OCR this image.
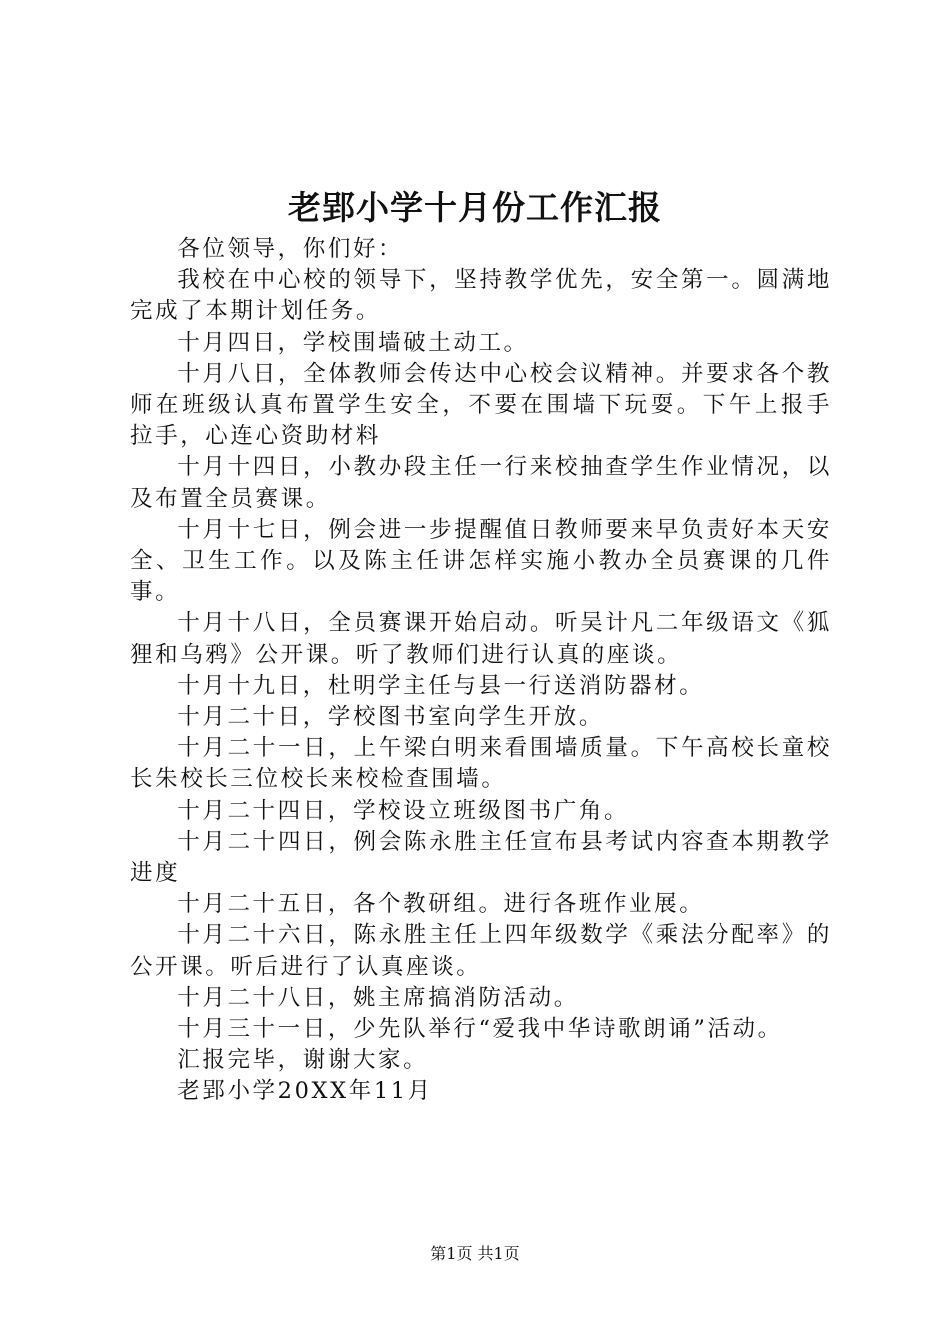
老郢小学十月份工作汇报

各位领导，你们好：

我校在中心校的领导下，坚持教学优先，安全第一。圆满地完成了本期计划任务。

十月四日，学校围墙破土动工。

十月八日，全体教师会传达中心校会议精神。并要求各个教师在班级认真布置学生安全，不要在围墙下玩耍。下午上报手拉手，心连心资助材料

十月十四日，小教办段主任一行来校抽查学生作业情况，以及布置全员赛课。

十月十七日，例会进一步提醒值日教师要来早负责好本天安全、卫生工作。以及陈主任讲怎样实施小教办全员赛课的几件事。

十月十八日，全员赛课开始启动。听吴计凡二年级语文《狐狸和乌鸦》公开课。听了教师们进行认真的座谈。

十月十九日，杜明学主任与县一行送消防器材。

十月二十日，学校图书室向学生开放。

十月二十一日，上午梁白明来看围墙质量。下午高校长童校长朱校长三位校长来校检查围墙。

十月二十四日，学校设立班级图书广角。

十月二十四日，例会陈永胜主任宣布县考试内容查本期教学进度

十月二十五日，各个教研组。进行各班作业展。

十月二十六日，陈永胜主任上四年级数学《乘法分配率》的公开课。听后进行了认真座谈。

十月二十八日，姚主席搞消防活动。

十月三十一日，少先队举行“爱我中华诗歌朗诵”活动。

汇报完毕，谢谢大家。

老郢小学20XX年11月

第1页 共1页
